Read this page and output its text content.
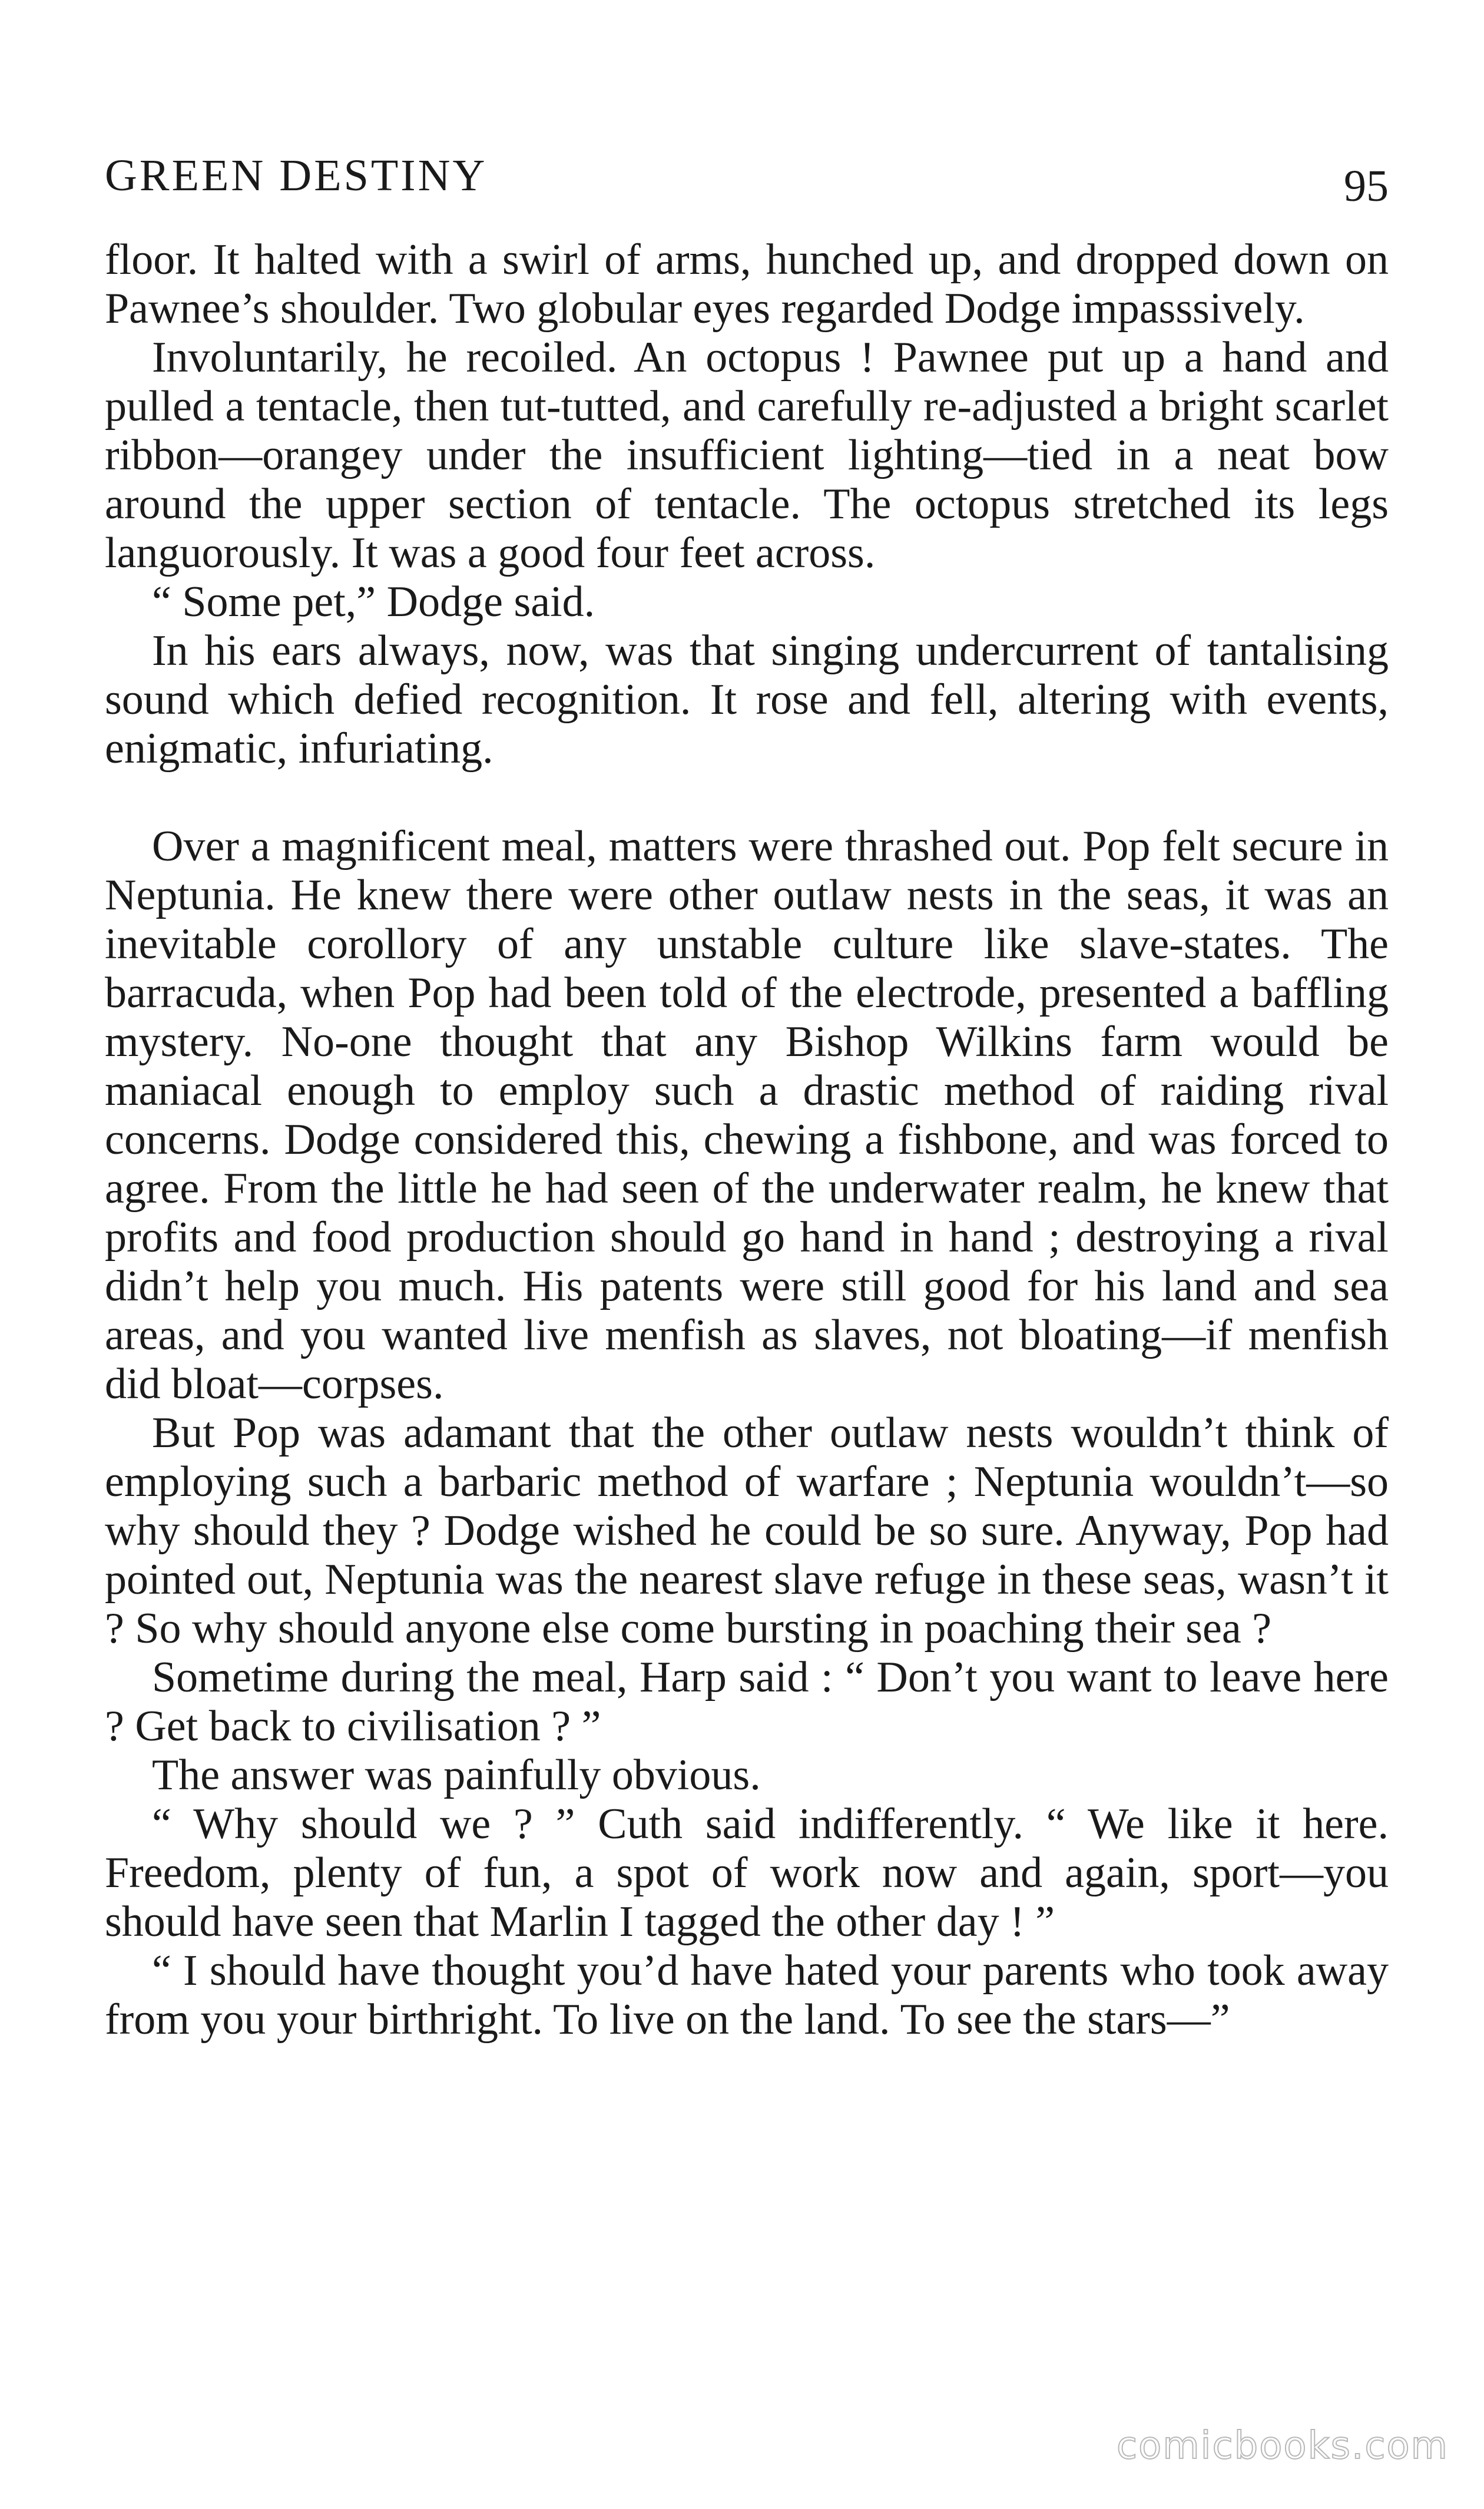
GREEN DESTINY	95

floor. It halted with a swirl of arms, hunched up, and dropped down on Pawnee’s shoulder. Two globular eyes regarded Dodge impasssively.

Involuntarily, he recoiled. An octopus ! Pawnee put up a hand and pulled a tentacle, then tut-tutted, and carefully re-adjusted a bright scarlet ribbon—orangey under the insufficient lighting—tied in a neat bow around the upper section of tentacle. The octopus stretched its legs languorously. It was a good four feet across.

“ Some pet,” Dodge said.

In his ears always, now, was that singing undercurrent of tantalising sound which defied recognition. It rose and fell, altering with events, enigmatic, infuriating.

Over a magnificent meal, matters were thrashed out. Pop felt secure in Neptunia. He knew there were other outlaw nests in the seas, it was an inevitable corollory of any unstable culture like slave-states. The barracuda, when Pop had been told of the electrode, presented a baffling mystery. No-one thought that any Bishop Wilkins farm would be maniacal enough to employ such a drastic method of raiding rival concerns. Dodge considered this, chewing a fishbone, and was forced to agree. From the little he had seen of the underwater realm, he knew that profits and food production should go hand in hand ; destroying a rival didn’t help you much. His patents were still good for his land and sea areas, and you wanted live menfish as slaves, not bloating—if menfish did bloat—corpses.

But Pop was adamant that the other outlaw nests wouldn’t think of employing such a barbaric method of warfare ; Neptunia wouldn’t—so why should they ? Dodge wished he could be so sure. Anyway, Pop had pointed out, Neptunia was the nearest slave refuge in these seas, wasn’t it ? So why should anyone else come bursting in poaching their sea ?

Sometime during the meal, Harp said : “ Don’t you want to leave here ? Get back to civilisation ? ”

The answer was painfully obvious.

“ Why should we ? ” Cuth said indifferently. “ We like it here. Freedom, plenty of fun, a spot of work now and again, sport—you should have seen that Marlin I tagged the other day ! ”

“ I should have thought you’d have hated your parents who took away from you your birthright. To live on the land. To see the stars—”

comicbooks.com
